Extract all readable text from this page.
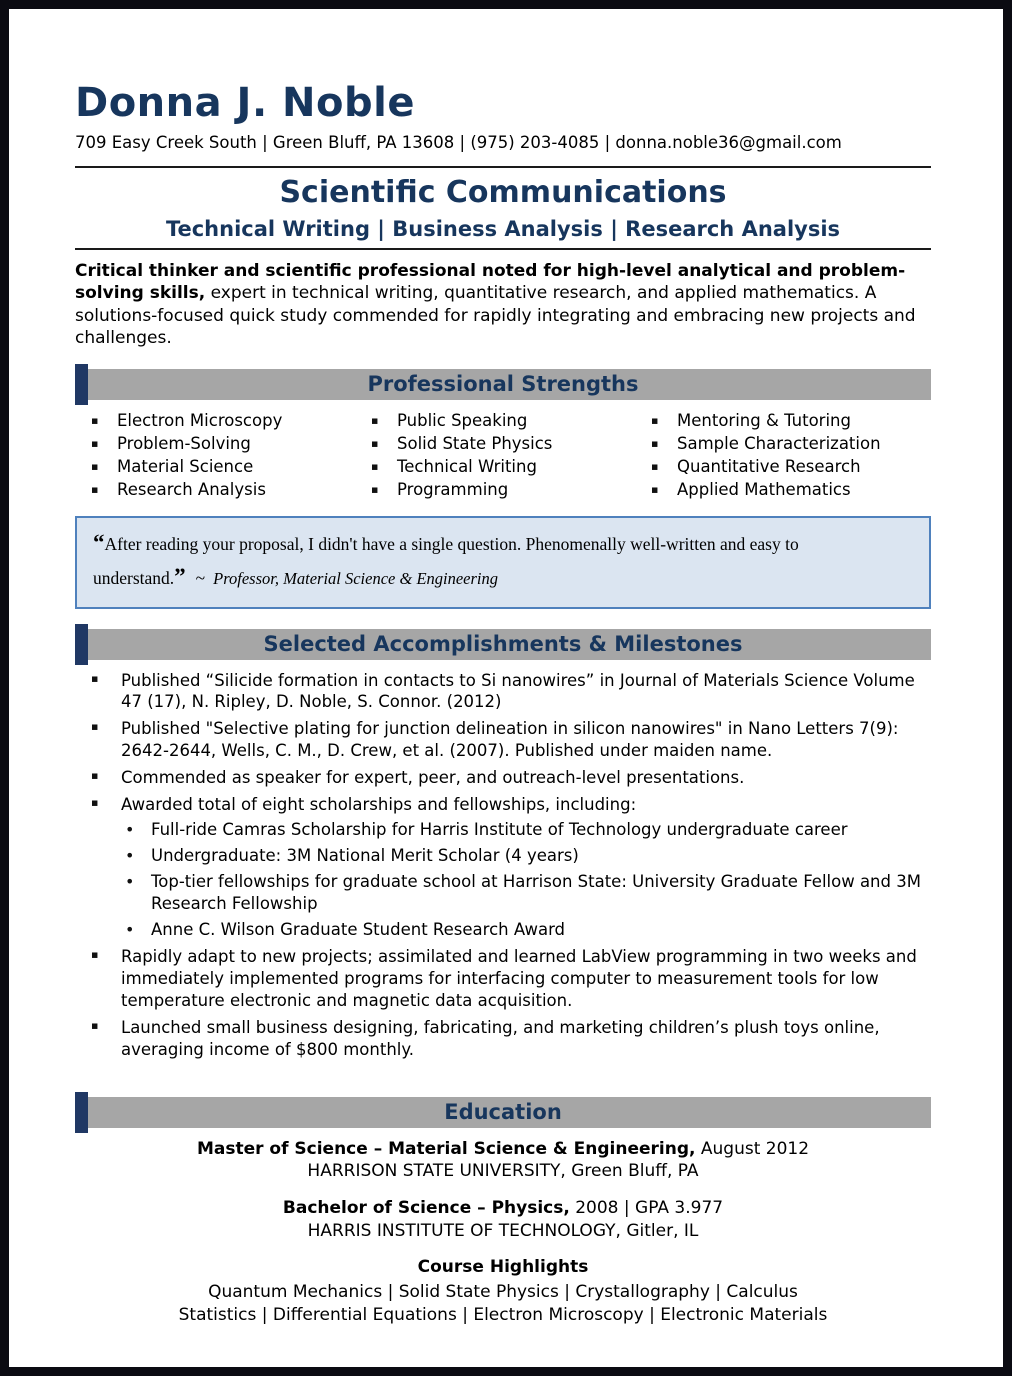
Donna J. Noble
709 Easy Creek South | Green Bluff, PA 13608 | (975) 203-4085 | donna.noble36@gmail.com
Scientific Communications
Technical Writing | Business Analysis | Research Analysis

Critical thinker and scientific professional noted for high-level analytical and problem-solving skills, expert in technical writing, quantitative research, and applied mathematics. A solutions-focused quick study commended for rapidly integrating and embracing new projects and challenges.

Professional Strengths
▪	Electron Microscopy
▪	Problem-Solving
▪	Material Science
▪	Research Analysis
▪	Public Speaking
▪	Solid State Physics
▪	Technical Writing
▪	Programming
▪	Mentoring & Tutoring
▪	Sample Characterization
▪	Quantitative Research
▪	Applied Mathematics
“After reading your proposal, I didn't have a single question. Phenomenally well-written and easy to understand.” ~ Professor, Material Science & Engineering
Selected Accomplishments & Milestones
▪ Published “Silicide formation in contacts to Si nanowires” in Journal of Materials Science Volume 47 (17), N. Ripley, D. Noble, S. Connor. (2012)
▪ Published "Selective plating for junction delineation in silicon nanowires" in Nano Letters 7(9): 2642-2644, Wells, C. M., D. Crew, et al. (2007). Published under maiden name.
▪ Commended as speaker for expert, peer, and outreach-level presentations.
▪ Awarded total of eight scholarships and fellowships, including:
• Full-ride Camras Scholarship for Harris Institute of Technology undergraduate career
• Undergraduate: 3M National Merit Scholar (4 years)
• Top-tier fellowships for graduate school at Harrison State: University Graduate Fellow and 3M Research Fellowship
• Anne C. Wilson Graduate Student Research Award
▪ Rapidly adapt to new projects; assimilated and learned LabView programming in two weeks and immediately implemented programs for interfacing computer to measurement tools for low temperature electronic and magnetic data acquisition.
▪ Launched small business designing, fabricating, and marketing children’s plush toys online, averaging income of $800 monthly.
Education

Master of Science – Material Science & Engineering, August 2012

HARRISON STATE UNIVERSITY, Green Bluff, PA

Bachelor of Science – Physics, 2008 | GPA 3.977

HARRIS INSTITUTE OF TECHNOLOGY, Gitler, IL

Course Highlights

Quantum Mechanics | Solid State Physics | Crystallography | Calculus

Statistics | Differential Equations | Electron Microscopy | Electronic Materials
